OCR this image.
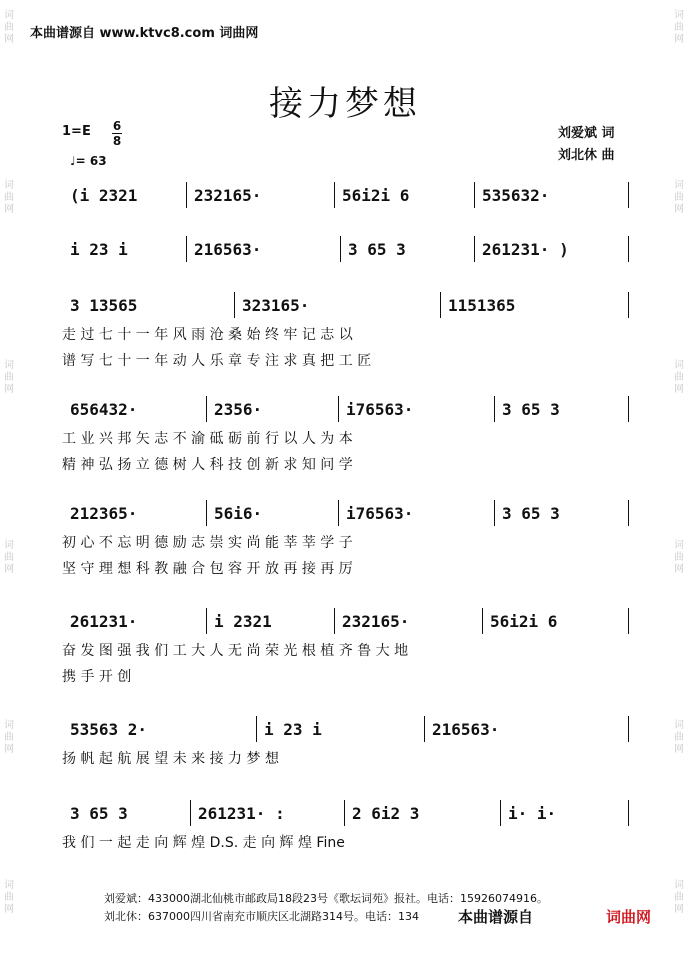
词
曲
网
词
曲
网
词
曲
网
词
曲
网
词
曲
网
词
曲
网
词
曲
网
词
曲
网
词
曲
网
词
曲
网
词
曲
网
词
曲
网
本曲谱源自 www.ktvc8.com 词曲网
接力梦想
1=E 6
8
♩= 63
刘爱斌 词
刘北休 曲
(i 2321	232165·	56i2i 6	535632·
i 23 i	216563·	3 65 3	261231· )
3 13565	323165·	1151365
走 过 七 十 一 年 风 雨 沧 桑 始 终 牢 记 志 以
谱 写 七 十 一 年 动 人 乐 章 专 注 求 真 把 工 匠
656432·	2356·	i76563·	3 65 3
工 业 兴 邦 矢 志 不 渝 砥 砺 前 行 以 人 为 本
精 神 弘 扬 立 德 树 人 科 技 创 新 求 知 问 学
212365·	56i6·	i76563·	3 65 3
初 心 不 忘 明 德 励 志 崇 实 尚 能 莘 莘 学 子
坚 守 理 想 科 教 融 合 包 容 开 放 再 接 再 厉
261231·	i 2321	232165·	56i2i 6
奋 发 图 强 我 们 工 大 人 无 尚 荣 光 根 植 齐 鲁 大 地
携 手 开 创
53563 2·	i 23 i	216563·
扬 帆 起 航 展 望 未 来 接 力 梦 想
3 65 3	261231· :	2 6i2 3	i· i·
我 们 一 起 走 向 辉 煌 D.S. 走 向 辉 煌 Fine
刘爱斌：433000湖北仙桃市邮政局18段23号《歌坛词苑》报社。电话：15926074916。
刘北休：637000四川省南充市顺庆区北湖路314号。电话：134	本曲谱源自	词曲网
